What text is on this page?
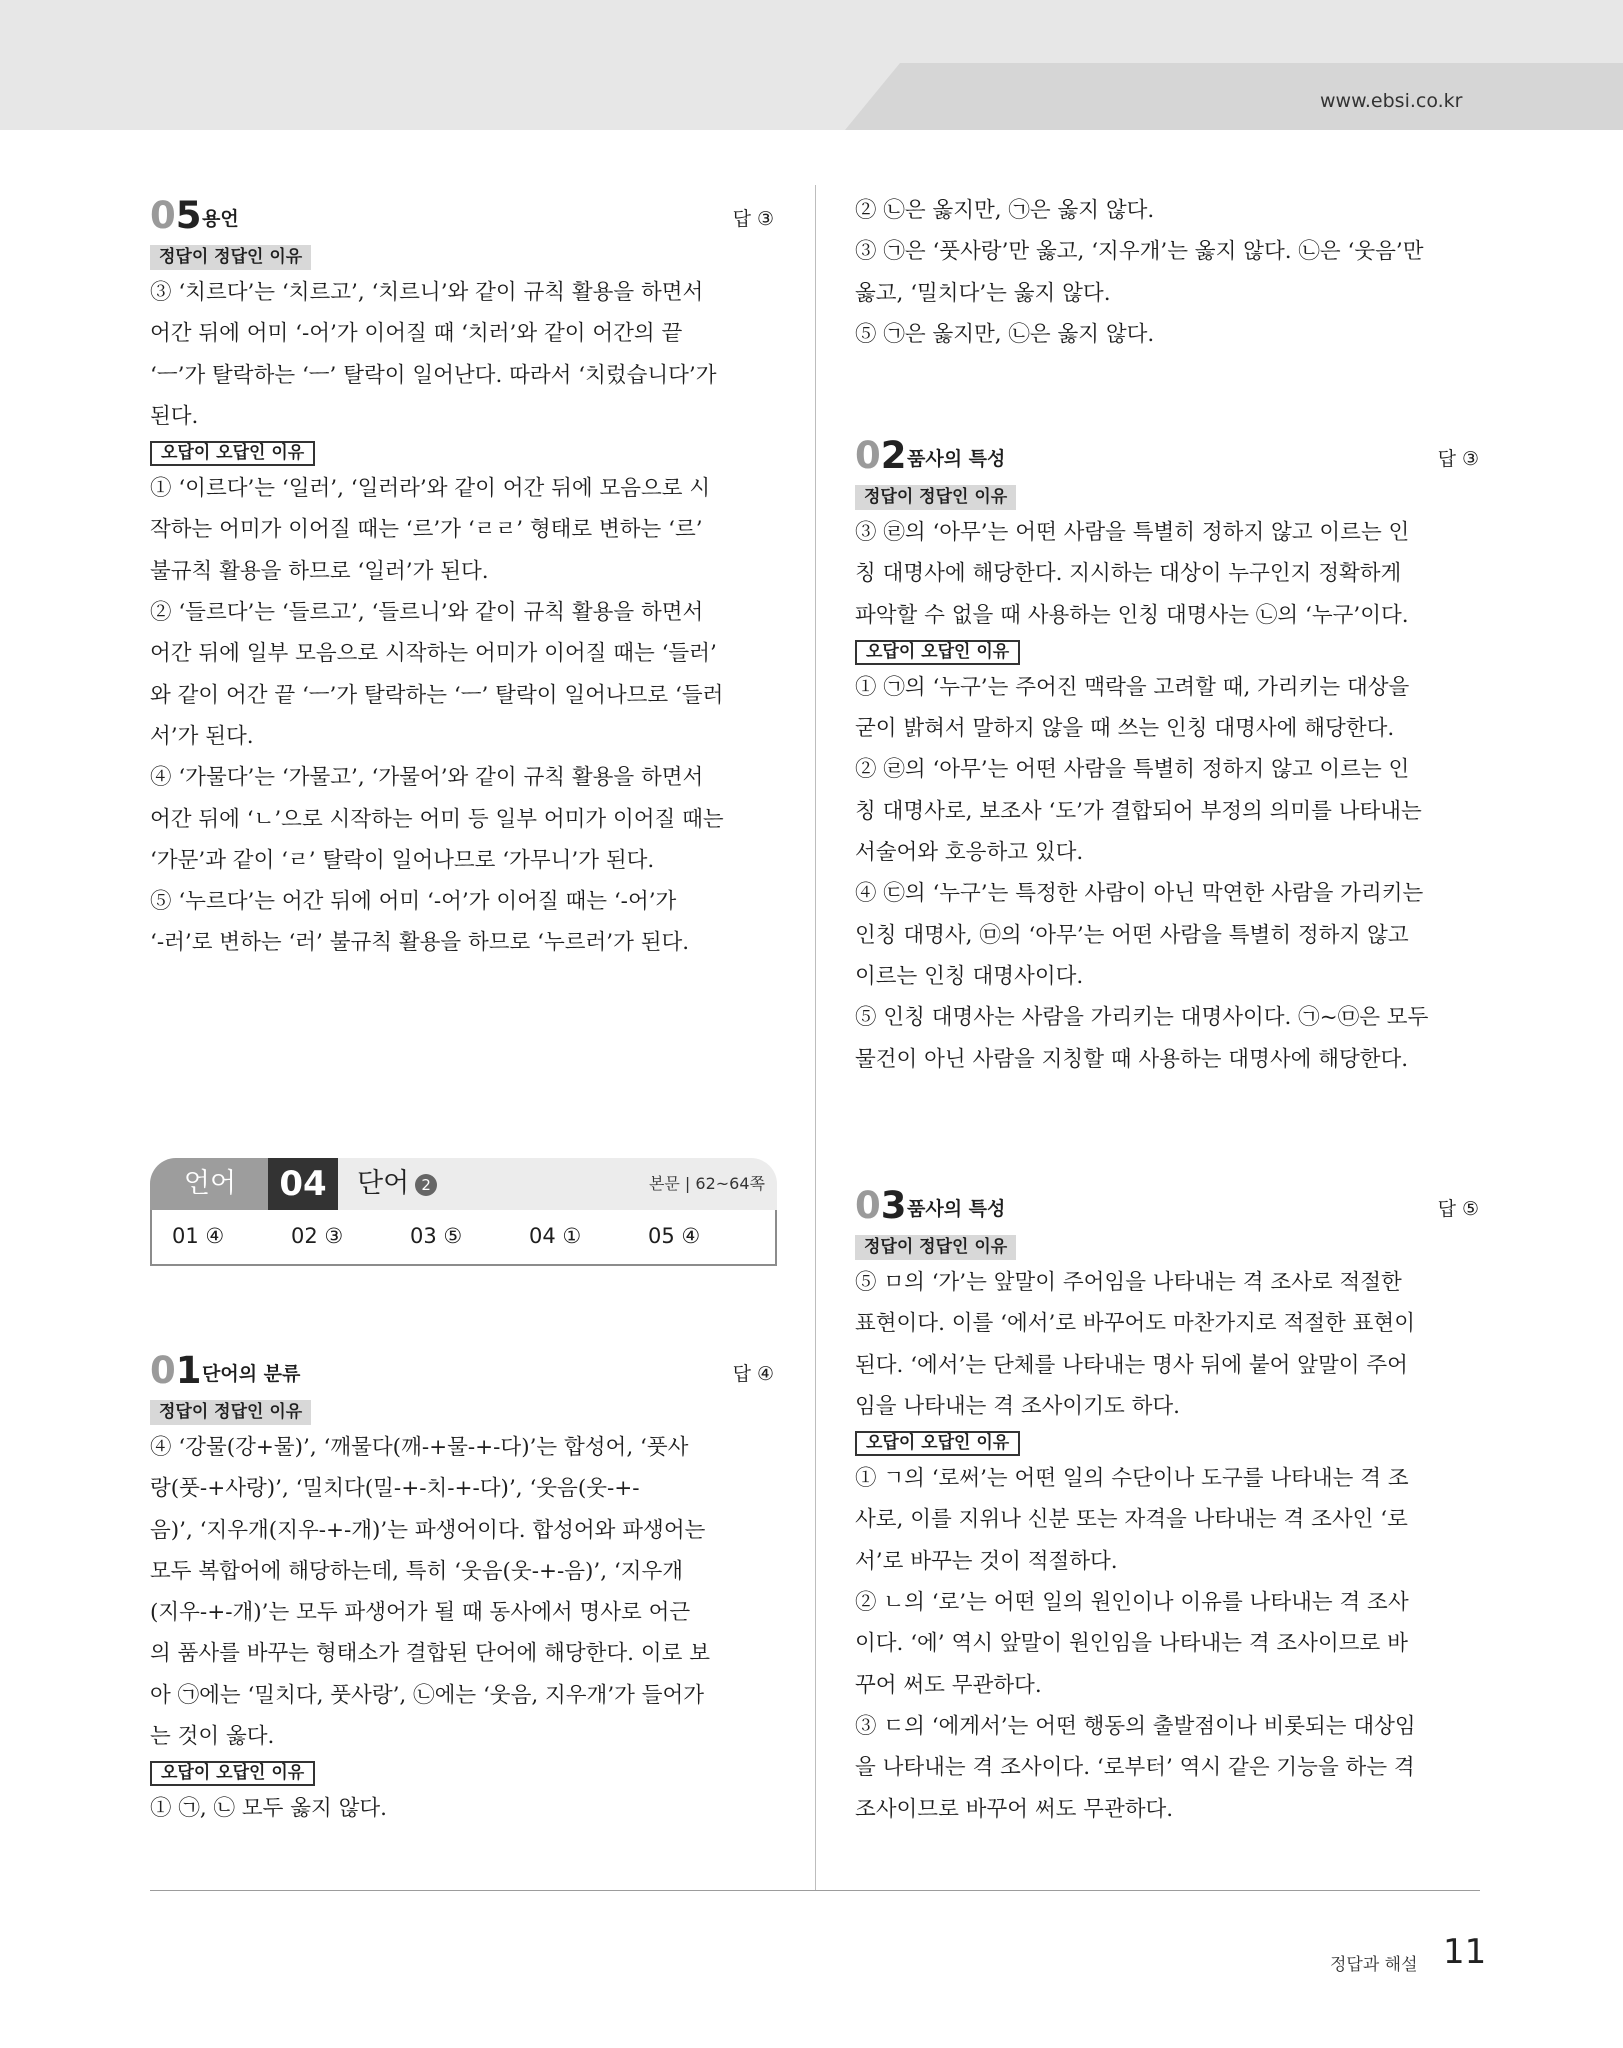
www.ebsi.co.kr
05 용언	답 ③
정답이 정답인 이유

③ ‘치르다’는 ‘치르고’, ‘치르니’와 같이 규칙 활용을 하면서

어간 뒤에 어미 ‘-어’가 이어질 때 ‘치러’와 같이 어간의 끝

‘ㅡ’가 탈락하는 ‘ㅡ’ 탈락이 일어난다. 따라서 ‘치렀습니다’가

된다.

오답이 오답인 이유

① ‘이르다’는 ‘일러’, ‘일러라’와 같이 어간 뒤에 모음으로 시

작하는 어미가 이어질 때는 ‘르’가 ‘ㄹㄹ’ 형태로 변하는 ‘르’

불규칙 활용을 하므로 ‘일러’가 된다.

② ‘들르다’는 ‘들르고’, ‘들르니’와 같이 규칙 활용을 하면서

어간 뒤에 일부 모음으로 시작하는 어미가 이어질 때는 ‘들러’

와 같이 어간 끝 ‘ㅡ’가 탈락하는 ‘ㅡ’ 탈락이 일어나므로 ‘들러

서’가 된다.

④ ‘가물다’는 ‘가물고’, ‘가물어’와 같이 규칙 활용을 하면서

어간 뒤에 ‘ㄴ’으로 시작하는 어미 등 일부 어미가 이어질 때는

‘가문’과 같이 ‘ㄹ’ 탈락이 일어나므로 ‘가무니’가 된다.

⑤ ‘누르다’는 어간 뒤에 어미 ‘-어’가 이어질 때는 ‘-어’가

‘-러’로 변하는 ‘러’ 불규칙 활용을 하므로 ‘누르러’가 된다.

언어	04	단어 2	본문 | 62~64쪽
01 ④	02 ③	03 ⑤	04 ①	05 ④
01 단어의 분류	답 ④
정답이 정답인 이유

④ ‘강물(강+물)’, ‘깨물다(깨-+물-+-다)’는 합성어, ‘풋사

랑(풋-+사랑)’, ‘밀치다(밀-+-치-+-다)’, ‘웃음(웃-+-

음)’, ‘지우개(지우-+-개)’는 파생어이다. 합성어와 파생어는

모두 복합어에 해당하는데, 특히 ‘웃음(웃-+-음)’, ‘지우개

(지우-+-개)’는 모두 파생어가 될 때 동사에서 명사로 어근

의 품사를 바꾸는 형태소가 결합된 단어에 해당한다. 이로 보

아 ㉠에는 ‘밀치다, 풋사랑’, ㉡에는 ‘웃음, 지우개’가 들어가

는 것이 옳다.

오답이 오답인 이유

① ㉠, ㉡ 모두 옳지 않다.

② ㉡은 옳지만, ㉠은 옳지 않다.

③ ㉠은 ‘풋사랑’만 옳고, ‘지우개’는 옳지 않다. ㉡은 ‘웃음’만

옳고, ‘밀치다’는 옳지 않다.

⑤ ㉠은 옳지만, ㉡은 옳지 않다.

02 품사의 특성	답 ③
정답이 정답인 이유

③ ㉣의 ‘아무’는 어떤 사람을 특별히 정하지 않고 이르는 인

칭 대명사에 해당한다. 지시하는 대상이 누구인지 정확하게

파악할 수 없을 때 사용하는 인칭 대명사는 ㉡의 ‘누구’이다.

오답이 오답인 이유

① ㉠의 ‘누구’는 주어진 맥락을 고려할 때, 가리키는 대상을

굳이 밝혀서 말하지 않을 때 쓰는 인칭 대명사에 해당한다.

② ㉣의 ‘아무’는 어떤 사람을 특별히 정하지 않고 이르는 인

칭 대명사로, 보조사 ‘도’가 결합되어 부정의 의미를 나타내는

서술어와 호응하고 있다.

④ ㉢의 ‘누구’는 특정한 사람이 아닌 막연한 사람을 가리키는

인칭 대명사, ㉤의 ‘아무’는 어떤 사람을 특별히 정하지 않고

이르는 인칭 대명사이다.

⑤ 인칭 대명사는 사람을 가리키는 대명사이다. ㉠~㉤은 모두

물건이 아닌 사람을 지칭할 때 사용하는 대명사에 해당한다.

03 품사의 특성	답 ⑤
정답이 정답인 이유

⑤ ㅁ의 ‘가’는 앞말이 주어임을 나타내는 격 조사로 적절한

표현이다. 이를 ‘에서’로 바꾸어도 마찬가지로 적절한 표현이

된다. ‘에서’는 단체를 나타내는 명사 뒤에 붙어 앞말이 주어

임을 나타내는 격 조사이기도 하다.

오답이 오답인 이유

① ㄱ의 ‘로써’는 어떤 일의 수단이나 도구를 나타내는 격 조

사로, 이를 지위나 신분 또는 자격을 나타내는 격 조사인 ‘로

서’로 바꾸는 것이 적절하다.

② ㄴ의 ‘로’는 어떤 일의 원인이나 이유를 나타내는 격 조사

이다. ‘에’ 역시 앞말이 원인임을 나타내는 격 조사이므로 바

꾸어 써도 무관하다.

③ ㄷ의 ‘에게서’는 어떤 행동의 출발점이나 비롯되는 대상임

을 나타내는 격 조사이다. ‘로부터’ 역시 같은 기능을 하는 격

조사이므로 바꾸어 써도 무관하다.

정답과 해설 11
